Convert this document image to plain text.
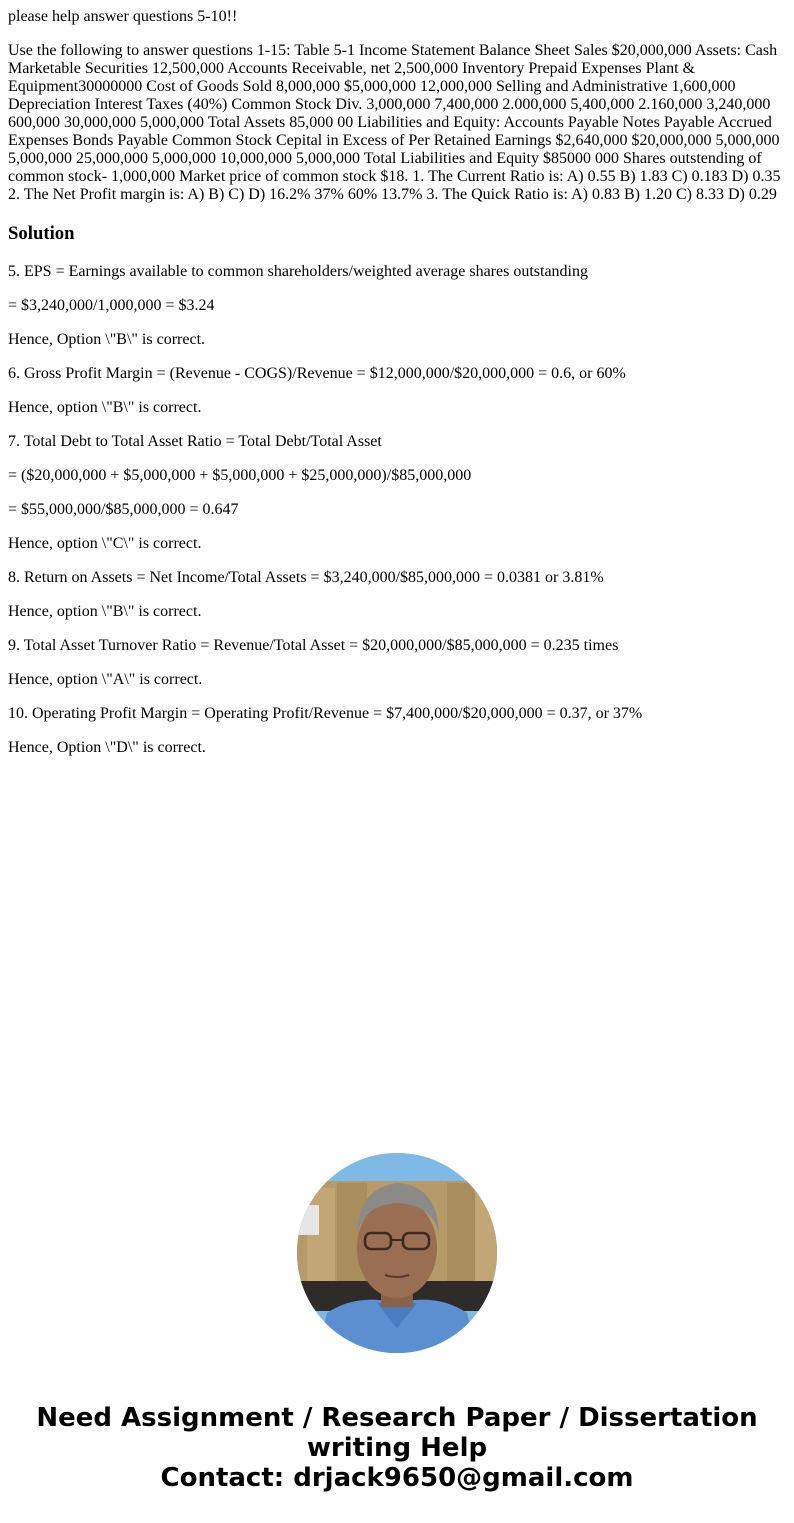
please help answer questions 5-10!!

Use the following to answer questions 1-15: Table 5-1 Income Statement Balance Sheet Sales $20,000,000 Assets: Cash Marketable Securities 12,500,000 Accounts Receivable, net 2,500,000 Inventory Prepaid Expenses Plant & Equipment30000000 Cost of Goods Sold 8,000,000 $5,000,000 12,000,000 Selling and Administrative 1,600,000 Depreciation Interest Taxes (40%) Common Stock Div. 3,000,000 7,400,000 2.000,000 5,400,000 2.160,000 3,240,000 600,000 30,000,000 5,000,000 Total Assets 85,000 00 Liabilities and Equity: Accounts Payable Notes Payable Accrued Expenses Bonds Payable Common Stock Cepital in Excess of Per Retained Earnings $2,640,000 $20,000,000 5,000,000 5,000,000 25,000,000 5,000,000 10,000,000 5,000,000 Total Liabilities and Equity $85000 000 Shares outstending of common stock- 1,000,000 Market price of common stock $18. 1. The Current Ratio is: A) 0.55 B) 1.83 C) 0.183 D) 0.35 2. The Net Profit margin is: A) B) C) D) 16.2% 37% 60% 13.7% 3. The Quick Ratio is: A) 0.83 B) 1.20 C) 8.33 D) 0.29

Solution

5. EPS = Earnings available to common shareholders/weighted average shares outstanding

= $3,240,000/1,000,000 = $3.24

Hence, Option \"B\" is correct.

6. Gross Profit Margin = (Revenue - COGS)/Revenue = $12,000,000/$20,000,000 = 0.6, or 60%

Hence, option \"B\" is correct.

7. Total Debt to Total Asset Ratio = Total Debt/Total Asset

= ($20,000,000 + $5,000,000 + $5,000,000 + $25,000,000)/$85,000,000

= $55,000,000/$85,000,000 = 0.647

Hence, option \"C\" is correct.

8. Return on Assets = Net Income/Total Assets = $3,240,000/$85,000,000 = 0.0381 or 3.81%

Hence, option \"B\" is correct.

9. Total Asset Turnover Ratio = Revenue/Total Asset = $20,000,000/$85,000,000 = 0.235 times

Hence, option \"A\" is correct.

10. Operating Profit Margin = Operating Profit/Revenue = $7,400,000/$20,000,000 = 0.37, or 37%

Hence, Option \"D\" is correct.

Need Assignment / Research Paper / Dissertation
writing Help
Contact: drjack9650@gmail.com
